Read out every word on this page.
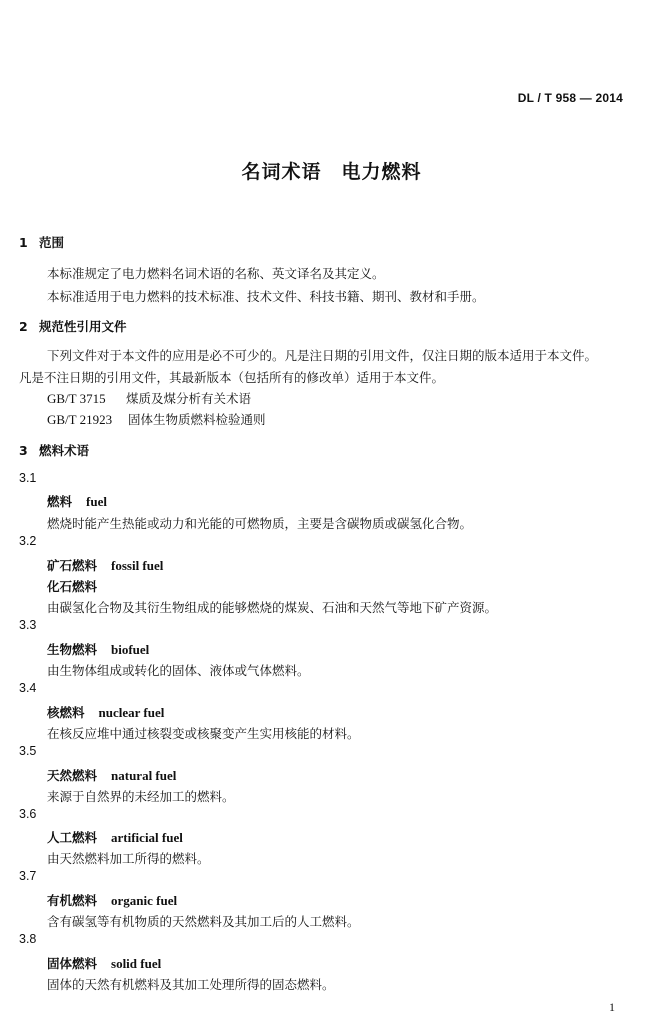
DL / T 958 — 2014
名词术语　电力燃料
1 范围
本标准规定了电力燃料名词术语的名称、英文译名及其定义。
本标准适用于电力燃料的技术标准、技术文件、科技书籍、期刊、教材和手册。
2 规范性引用文件
下列文件对于本文件的应用是必不可少的。凡是注日期的引用文件，仅注日期的版本适用于本文件。
凡是不注日期的引用文件，其最新版本（包括所有的修改单）适用于本文件。
GB/T 3715 煤质及煤分析有关术语
GB/T 21923 固体生物质燃料检验通则
3 燃料术语
3.1
燃料 fuel
燃烧时能产生热能或动力和光能的可燃物质，主要是含碳物质或碳氢化合物。
3.2
矿石燃料 fossil fuel
化石燃料
由碳氢化合物及其衍生物组成的能够燃烧的煤炭、石油和天然气等地下矿产资源。
3.3
生物燃料 biofuel
由生物体组成或转化的固体、液体或气体燃料。
3.4
核燃料 nuclear fuel
在核反应堆中通过核裂变或核聚变产生实用核能的材料。
3.5
天然燃料 natural fuel
来源于自然界的未经加工的燃料。
3.6
人工燃料 artificial fuel
由天然燃料加工所得的燃料。
3.7
有机燃料 organic fuel
含有碳氢等有机物质的天然燃料及其加工后的人工燃料。
3.8
固体燃料 solid fuel
固体的天然有机燃料及其加工处理所得的固态燃料。
1
